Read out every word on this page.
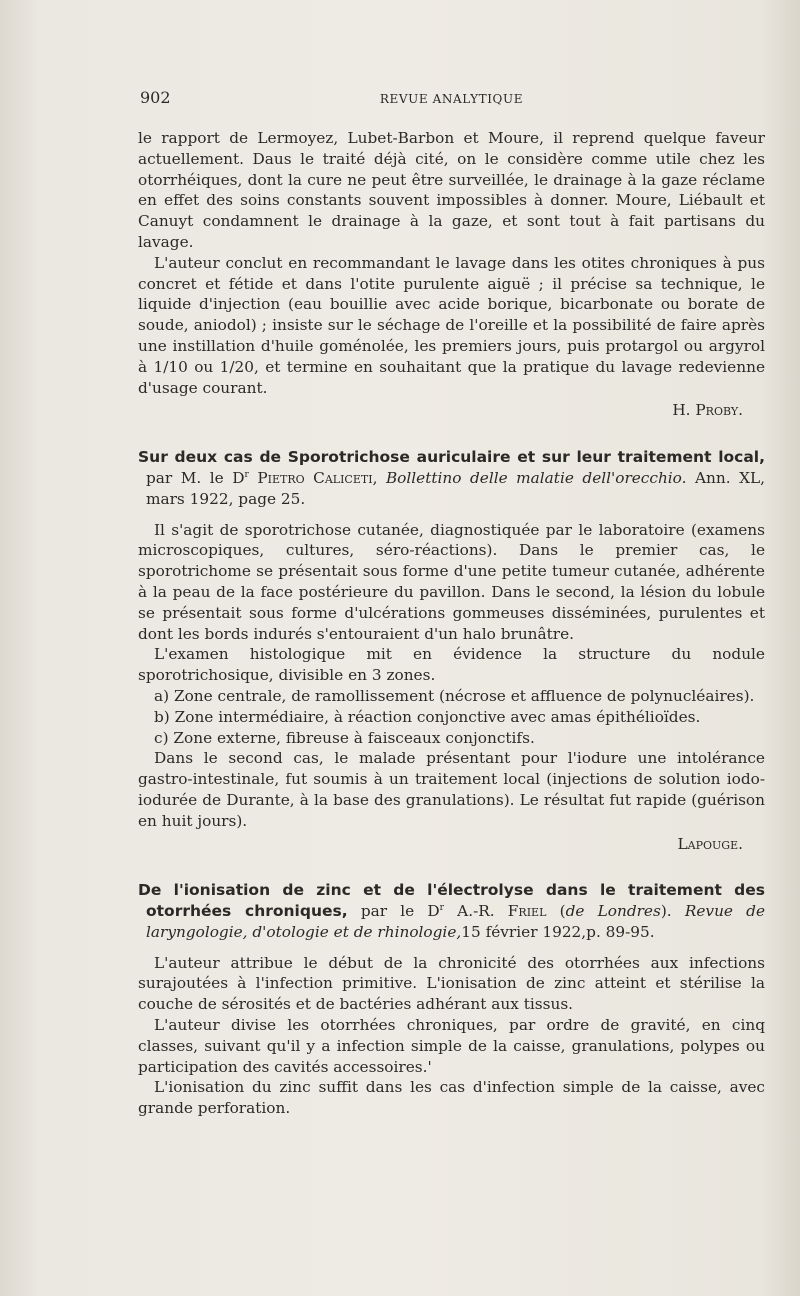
902	REVUE ANALYTIQUE

le rapport de Lermoyez, Lubet-Barbon et Moure, il reprend quelque faveur actuellement. Daus le traité déjà cité, on le considère comme utile chez les otorrhéiques, dont la cure ne peut être surveillée, le drainage à la gaze réclame en effet des soins constants souvent impossibles à donner. Moure, Liébault et Canuyt condamnent le drainage à la gaze, et sont tout à fait partisans du lavage.

L'auteur conclut en recommandant le lavage dans les otites chroniques à pus concret et fétide et dans l'otite purulente aiguë ; il précise sa technique, le liquide d'injection (eau bouillie avec acide borique, bicarbonate ou borate de soude, aniodol) ; insiste sur le séchage de l'oreille et la possibilité de faire après une instillation d'huile goménolée, les premiers jours, puis protargol ou argyrol à 1/10 ou 1/20, et termine en souhaitant que la pratique du lavage redevienne d'usage courant.

H. Proby.

Sur deux cas de Sporotrichose auriculaire et sur leur traitement local, par M. le $D^r$ Pietro Caliceti, Bollettino delle malatie dell'orecchio. Ann. XL, mars 1922, page 25.

Il s'agit de sporotrichose cutanée, diagnostiquée par le laboratoire (examens microscopiques, cultures, séro-réactions). Dans le premier cas, le sporotrichome se présentait sous forme d'une petite tumeur cutanée, adhérente à la peau de la face postérieure du pavillon. Dans le second, la lésion du lobule se présentait sous forme d'ulcérations gommeuses disséminées, purulentes et dont les bords indurés s'entouraient d'un halo brunâtre.

L'examen histologique mit en évidence la structure du nodule sporotrichosique, divisible en 3 zones.

a) Zone centrale, de ramollissement (nécrose et affluence de polynucléaires).

b) Zone intermédiaire, à réaction conjonctive avec amas épithélioïdes.

c) Zone externe, fibreuse à faisceaux conjonctifs.

Dans le second cas, le malade présentant pour l'iodure une intolérance gastro-intestinale, fut soumis à un traitement local (injections de solution iodo-iodurée de Durante, à la base des granulations). Le résultat fut rapide (guérison en huit jours).

Lapouge.

De l'ionisation de zinc et de l'électrolyse dans le traitement des otorrhées chroniques, par le $D^r$ A.-R. Friel (de Londres). Revue de laryngologie, d'otologie et de rhinologie,15 février 1922,p. 89-95.

L'auteur attribue le début de la chronicité des otorrhées aux infections surajoutées à l'infection primitive. L'ionisation de zinc atteint et stérilise la couche de sérosités et de bactéries adhérant aux tissus.

L'auteur divise les otorrhées chroniques, par ordre de gravité, en cinq classes, suivant qu'il y a infection simple de la caisse, granulations, polypes ou participation des cavités accessoires.'

L'ionisation du zinc suffit dans les cas d'infection simple de la caisse, avec grande perforation.
